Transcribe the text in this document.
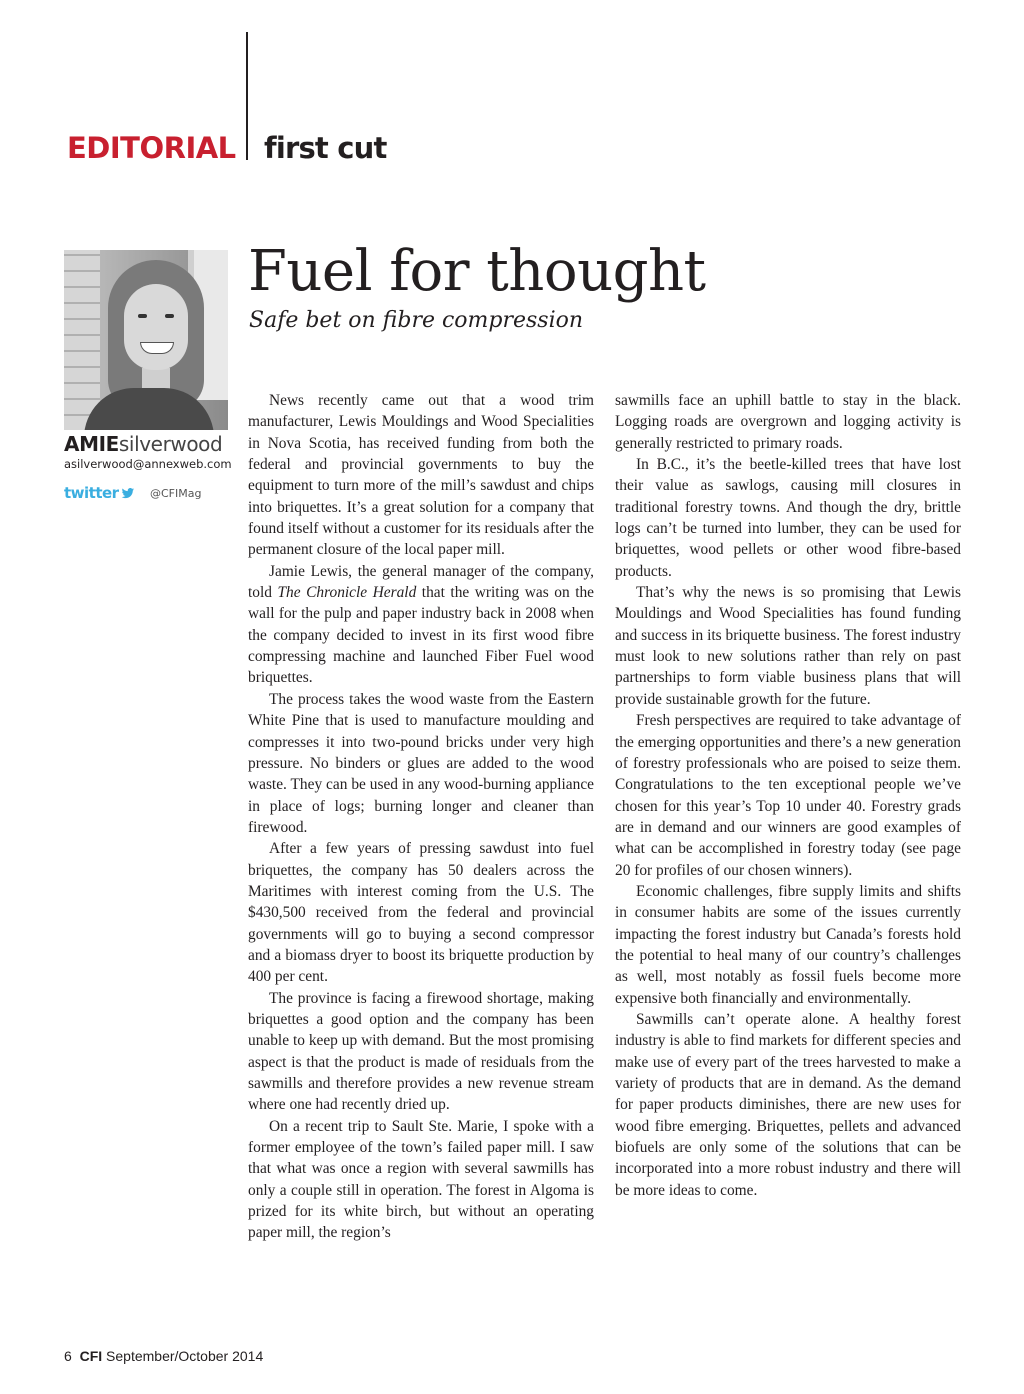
EDITORIAL first cut
AMIEsilverwood
asilverwood@annexweb.com
twitter	@CFIMag
Fuel for thought
Safe bet on fibre compression

News recently came out that a wood trim manufacturer, Lewis Mouldings and Wood Specialities in Nova Scotia, has received funding from both the federal and provincial governments to buy the equipment to turn more of the mill’s sawdust and chips into briquettes. It’s a great solution for a company that found itself without a customer for its residuals after the permanent closure of the local paper mill.

Jamie Lewis, the general manager of the company, told The Chronicle Herald that the writing was on the wall for the pulp and paper industry back in 2008 when the company decided to invest in its first wood fibre compressing machine and launched Fiber Fuel wood briquettes.

The process takes the wood waste from the Eastern White Pine that is used to manufacture moulding and compresses it into two-pound bricks under very high pressure. No binders or glues are added to the wood waste. They can be used in any wood-burning appliance in place of logs; burning longer and cleaner than firewood.

After a few years of pressing sawdust into fuel briquettes, the company has 50 dealers across the Maritimes with interest coming from the U.S. The $430,500 received from the federal and provincial governments will go to buying a second compressor and a biomass dryer to boost its briquette production by 400 per cent.

The province is facing a firewood shortage, making briquettes a good option and the company has been unable to keep up with demand. But the most promising aspect is that the product is made of residuals from the sawmills and therefore provides a new revenue stream where one had recently dried up.

On a recent trip to Sault Ste. Marie, I spoke with a former employee of the town’s failed paper mill. I saw that what was once a region with several sawmills has only a couple still in operation. The forest in Algoma is prized for its white birch, but without an operating paper mill, the region’s

sawmills face an uphill battle to stay in the black. Logging roads are overgrown and logging activity is generally restricted to primary roads.

In B.C., it’s the beetle-killed trees that have lost their value as sawlogs, causing mill closures in traditional forestry towns. And though the dry, brittle logs can’t be turned into lumber, they can be used for briquettes, wood pellets or other wood fibre-based products.

That’s why the news is so promising that Lewis Mouldings and Wood Specialities has found funding and success in its briquette business. The forest industry must look to new solutions rather than rely on past partnerships to form viable business plans that will provide sustainable growth for the future.

Fresh perspectives are required to take advantage of the emerging opportunities and there’s a new generation of forestry professionals who are poised to seize them. Congratulations to the ten exceptional people we’ve chosen for this year’s Top 10 under 40. Forestry grads are in demand and our winners are good examples of what can be accomplished in forestry today (see page 20 for profiles of our chosen winners).

Economic challenges, fibre supply limits and shifts in consumer habits are some of the issues currently impacting the forest industry but Canada’s forests hold the potential to heal many of our country’s challenges as well, most notably as fossil fuels become more expensive both financially and environmentally.

Sawmills can’t operate alone. A healthy forest industry is able to find markets for different species and make use of every part of the trees harvested to make a variety of products that are in demand. As the demand for paper products diminishes, there are new uses for wood fibre emerging. Briquettes, pellets and advanced biofuels are only some of the solutions that can be incorporated into a more robust industry and there will be more ideas to come.

6 CFI September/October 2014
